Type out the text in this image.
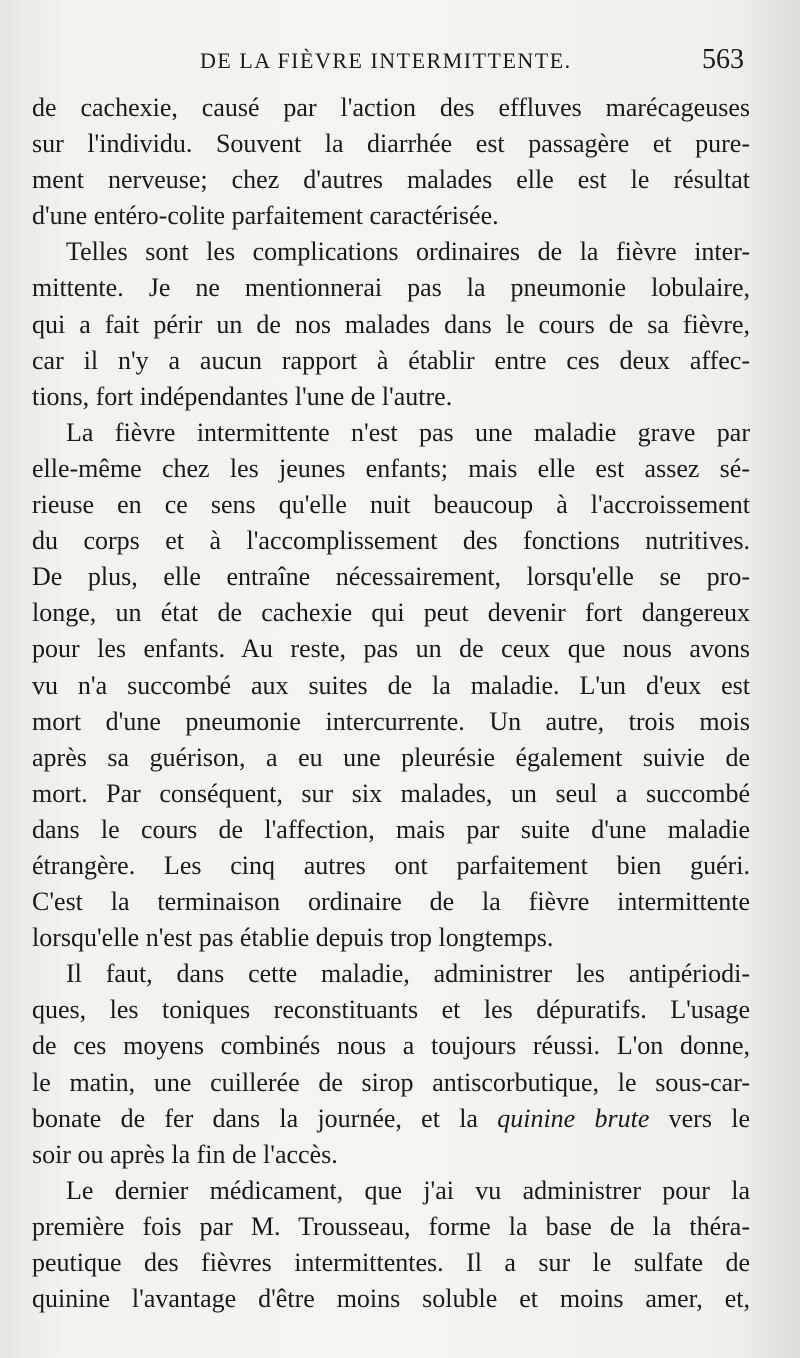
DE LA FIÈVRE INTERMITTENTE.	563
de cachexie, causé par l'action des effluves marécageuses
sur l'individu. Souvent la diarrhée est passagère et pure-
ment nerveuse; chez d'autres malades elle est le résultat
d'une entéro-colite parfaitement caractérisée.
Telles sont les complications ordinaires de la fièvre inter-
mittente. Je ne mentionnerai pas la pneumonie lobulaire,
qui a fait périr un de nos malades dans le cours de sa fièvre,
car il n'y a aucun rapport à établir entre ces deux affec-
tions, fort indépendantes l'une de l'autre.
La fièvre intermittente n'est pas une maladie grave par
elle-même chez les jeunes enfants; mais elle est assez sé-
rieuse en ce sens qu'elle nuit beaucoup à l'accroissement
du corps et à l'accomplissement des fonctions nutritives.
De plus, elle entraîne nécessairement, lorsqu'elle se pro-
longe, un état de cachexie qui peut devenir fort dangereux
pour les enfants. Au reste, pas un de ceux que nous avons
vu n'a succombé aux suites de la maladie. L'un d'eux est
mort d'une pneumonie intercurrente. Un autre, trois mois
après sa guérison, a eu une pleurésie également suivie de
mort. Par conséquent, sur six malades, un seul a succombé
dans le cours de l'affection, mais par suite d'une maladie
étrangère. Les cinq autres ont parfaitement bien guéri.
C'est la terminaison ordinaire de la fièvre intermittente
lorsqu'elle n'est pas établie depuis trop longtemps.
Il faut, dans cette maladie, administrer les antipériodi-
ques, les toniques reconstituants et les dépuratifs. L'usage
de ces moyens combinés nous a toujours réussi. L'on donne,
le matin, une cuillerée de sirop antiscorbutique, le sous-car-
bonate de fer dans la journée, et la quinine brute vers le
soir ou après la fin de l'accès.
Le dernier médicament, que j'ai vu administrer pour la
première fois par M. Trousseau, forme la base de la théra-
peutique des fièvres intermittentes. Il a sur le sulfate de
quinine l'avantage d'être moins soluble et moins amer, et,
